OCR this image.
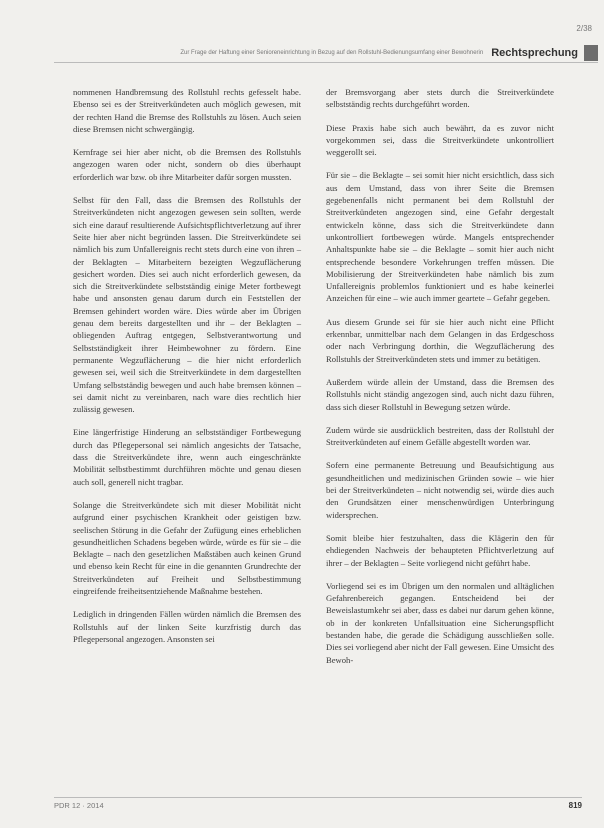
2/38
Zur Frage der Haftung einer Senioreneinrichtung in Bezug auf den Rollstuhl-Bedienungsumfang einer Bewohnerin Rechtsprechung

nommenen Handbremsung des Rollstuhl rechts gefesselt habe. Ebenso sei es der Streitverkündeten auch möglich gewesen, mit der rechten Hand die Bremse des Rollstuhls zu lösen. Auch seien diese Bremsen nicht schwergängig.

Kernfrage sei hier aber nicht, ob die Bremsen des Rollstuhls angezogen waren oder nicht, sondern ob dies überhaupt erforderlich war bzw. ob ihre Mitarbeiter dafür sorgen mussten.

Selbst für den Fall, dass die Bremsen des Rollstuhls der Streitverkündeten nicht angezogen gewesen sein sollten, werde sich eine darauf resultierende Aufsichtspflichtverletzung auf ihrer Seite hier aber nicht begründen lassen. Die Streitverkündete sei nämlich bis zum Unfallereignis recht stets durch eine von ihren – der Beklagten – Mitarbeitern bezeigten Wegzuflächerung gesichert worden. Dies sei auch nicht erforderlich gewesen, da sich die Streitverkündete selbstständig einige Meter fortbewegt habe und ansonsten genau darum durch ein Feststellen der Bremsen gehindert worden wäre. Dies würde aber im Übrigen genau dem bereits dargestellten und ihr – der Beklagten – obliegenden Auftrag entgegen, Selbstverantwortung und Selbstständigkeit ihrer Heimbewohner zu fördern. Eine permanente Wegzuflächerung – die hier nicht erforderlich gewesen sei, weil sich die Streitverkündete in dem dargestellten Umfang selbstständig bewegen und auch habe bremsen können – sei damit nicht zu vereinbaren, nach ware dies rechtlich hier zulässig gewesen.

Eine längerfristige Hinderung an selbstständiger Fortbewegung durch das Pflegepersonal sei nämlich angesichts der Tatsache, dass die Streitverkündete ihre, wenn auch eingeschränkte Mobilität selbstbestimmt durchführen möchte und genau diesen auch soll, generell nicht tragbar.

Solange die Streitverkündete sich mit dieser Mobilität nicht aufgrund einer psychischen Krankheit oder geistigen bzw. seelischen Störung in die Gefahr der Zufügung eines erheblichen gesundheitlichen Schadens begeben würde, würde es für sie – die Beklagte – nach den gesetzlichen Maßstäben auch keinen Grund und ebenso kein Recht für eine in die genannten Grundrechte der Streitverkündeten auf Freiheit und Selbstbestimmung eingreifende freiheitsentziehende Maßnahme bestehen.

Lediglich in dringenden Fällen würden nämlich die Bremsen des Rollstuhls auf der linken Seite kurzfristig durch das Pflegepersonal angezogen. Ansonsten sei

der Bremsvorgang aber stets durch die Streitverkündete selbstständig rechts durchgeführt worden.

Diese Praxis habe sich auch bewährt, da es zuvor nicht vorgekommen sei, dass die Streitverkündete unkontrolliert weggerollt sei.

Für sie – die Beklagte – sei somit hier nicht ersichtlich, dass sich aus dem Umstand, dass von ihrer Seite die Bremsen gegebenenfalls nicht permanent bei dem Rollstuhl der Streitverkündeten angezogen sind, eine Gefahr dergestalt entwickeln könne, dass sich die Streitverkündete dann unkontrolliert fortbewegen würde. Mangels entsprechender Anhaltspunkte habe sie – die Beklagte – somit hier auch nicht entsprechende besondere Vorkehrungen treffen müssen. Die Mobilisierung der Streitverkündeten habe nämlich bis zum Unfallereignis problemlos funktioniert und es habe keinerlei Anzeichen für eine – wie auch immer geartete – Gefahr gegeben.

Aus diesem Grunde sei für sie hier auch nicht eine Pflicht erkennbar, unmittelbar nach dem Gelangen in das Erdgeschoss oder nach Verbringung dorthin, die Wegzuflächerung des Rollstuhls der Streitverkündeten stets und immer zu betätigen.

Außerdem würde allein der Umstand, dass die Bremsen des Rollstuhls nicht ständig angezogen sind, auch nicht dazu führen, dass sich dieser Rollstuhl in Bewegung setzen würde.

Zudem würde sie ausdrücklich bestreiten, dass der Rollstuhl der Streitverkündeten auf einem Gefälle abgestellt worden war.

Sofern eine permanente Betreuung und Beaufsichtigung aus gesundheitlichen und medizinischen Gründen sowie – wie hier bei der Streitverkündeten – nicht notwendig sei, würde dies auch den Grundsätzen einer menschenwürdigen Unterbringung widersprechen.

Somit bleibe hier festzuhalten, dass die Klägerin den für ehdiegenden Nachweis der behaupteten Pflichtverletzung auf ihrer – der Beklagten – Seite vorliegend nicht geführt habe.

Vorliegend sei es im Übrigen um den normalen und alltäglichen Gefahrenbereich gegangen. Entscheidend bei der Beweislastumkehr sei aber, dass es dabei nur darum gehen könne, ob in der konkreten Unfallsituation eine Sicherungspflicht bestanden habe, die gerade die Schädigung ausschließen solle. Dies sei vorliegend aber nicht der Fall gewesen. Eine Umsicht des Bewoh-

PDR 12 · 2014	819
